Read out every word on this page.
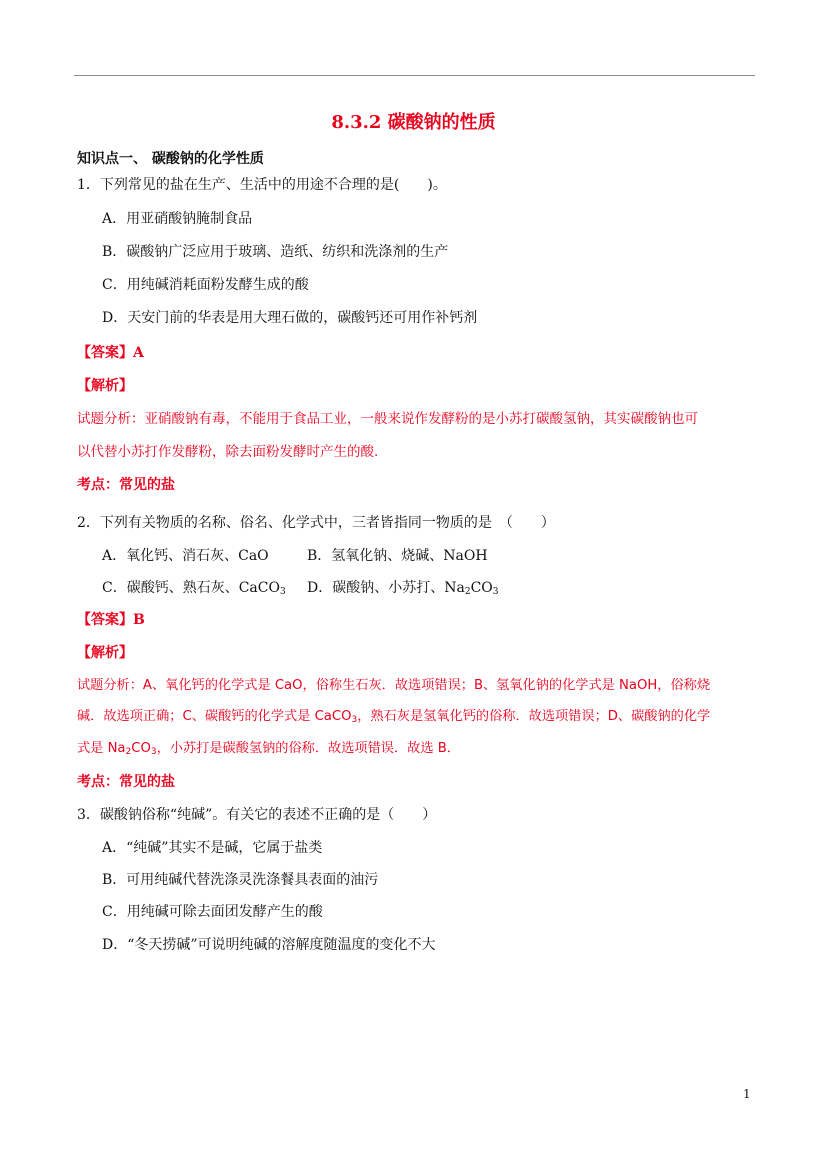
8.3.2 碳酸钠的性质
知识点一、 碳酸钠的化学性质
1．下列常见的盐在生产、生活中的用途不合理的是(　　)。
A．用亚硝酸钠腌制食品
B．碳酸钠广泛应用于玻璃、造纸、纺织和洗涤剂的生产
C．用纯碱消耗面粉发酵生成的酸
D．天安门前的华表是用大理石做的，碳酸钙还可用作补钙剂
【答案】A
【解析】
试题分析：亚硝酸钠有毒，不能用于食品工业，一般来说作发酵粉的是小苏打碳酸氢钠，其实碳酸钠也可
以代替小苏打作发酵粉，除去面粉发酵时产生的酸.
考点：常见的盐
2．下列有关物质的名称、俗名、化学式中，三者皆指同一物质的是　（　　）
A．氧化钙、消石灰、CaO	B．氢氧化钠、烧碱、NaOH
C．碳酸钙、熟石灰、CaCO$_3$ D．碳酸钠、小苏打、$Na_2CO_3$
【答案】B
【解析】
试题分析：A、氧化钙的化学式是 CaO，俗称生石灰．故选项错误；B、氢氧化钠的化学式是 NaOH，俗称烧
碱．故选项正确；C、碳酸钙的化学式是 CaCO$_3$，熟石灰是氢氧化钙的俗称．故选项错误；D、碳酸钠的化学
式是 $Na_2CO_3$，小苏打是碳酸氢钠的俗称．故选项错误．故选 B．
考点：常见的盐
3．碳酸钠俗称“纯碱”。有关它的表述不正确的是（　　）
A．“纯碱”其实不是碱，它属于盐类
B．可用纯碱代替洗涤灵洗涤餐具表面的油污
C．用纯碱可除去面团发酵产生的酸
D．“冬天捞碱”可说明纯碱的溶解度随温度的变化不大
1
